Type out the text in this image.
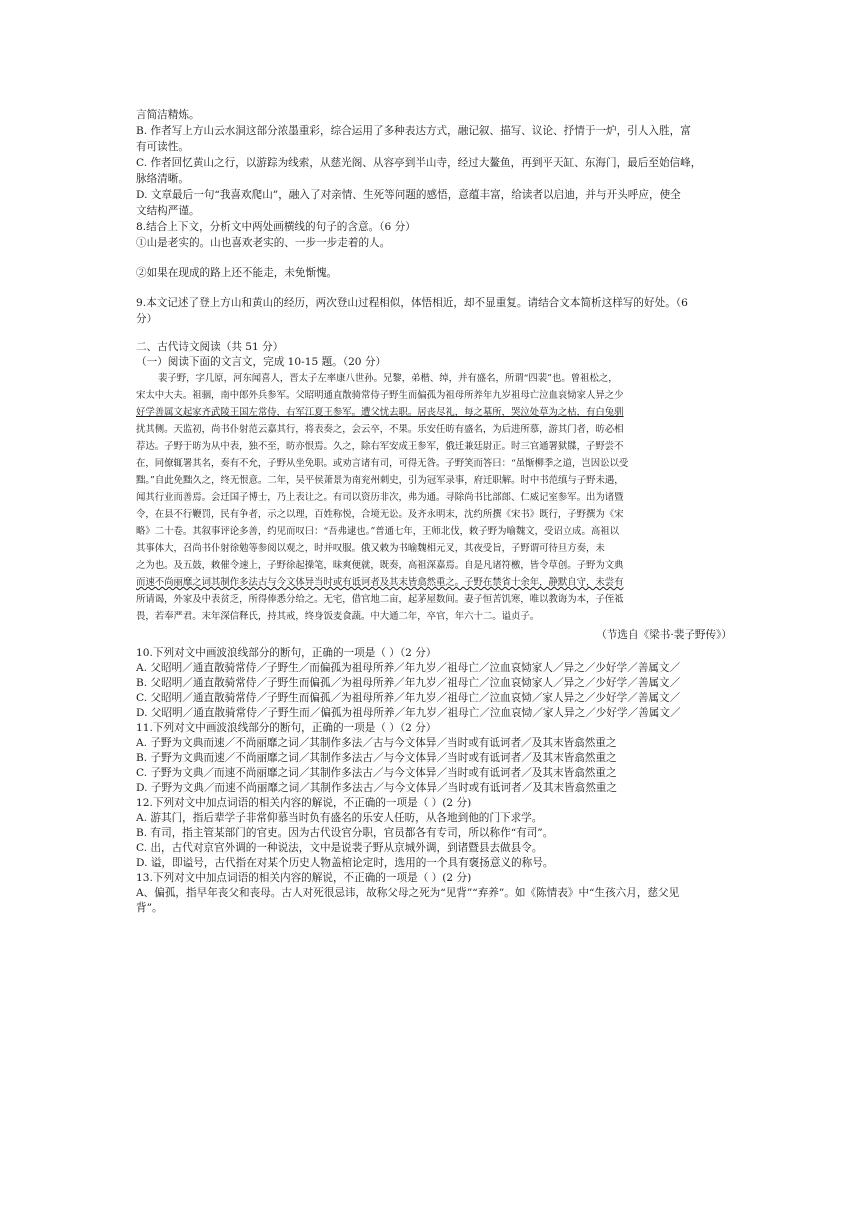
言简洁精炼。
B. 作者写上方山云水洞这部分浓墨重彩，综合运用了多种表达方式，融记叙、描写、议论、抒情于一炉，引人入胜，富
有可读性。
C. 作者回忆黄山之行，以游踪为线索，从慈光阁、从容亭到半山寺，经过大鳌鱼，再到平天缸、东海门，最后至始信峰，
脉络清晰。
D. 文章最后一句“我喜欢爬山”，融入了对亲情、生死等问题的感悟，意蕴丰富，给读者以启迪，并与开头呼应，使全
文结构严谨。
8.结合上下文，分析文中两处画横线的句子的含意。（6 分）
①山是老实的。山也喜欢老实的、一步一步走着的人。
②如果在现成的路上还不能走，未免惭愧。
9.本文记述了登上方山和黄山的经历，两次登山过程相似，体悟相近，却不显重复。请结合文本简析这样写的好处。（6
分）
二、古代诗文阅读（共 51 分）
（一）阅读下面的文言文，完成 10-15 题。（20 分）
裴子野，字几原，河东闻喜人，晋太子左率康八世孙。兄黎，弟楷、绰，并有盛名，所谓“四裴”也。曾祖松之，
宋太中大夫。祖骃，南中郎外兵参军。父昭明通直散骑常侍子野生而偏孤为祖母所养年九岁祖母亡泣血哀恸家人异之少
好学善属文起家齐武陵王国左常侍，右军江夏王参军。遭父忧去职。居丧尽礼，每之墓所，哭泣处草为之枯，有白兔驯
扰其侧。天监初，尚书仆射范云嘉其行，将表奏之，会云卒，不果。乐安任昉有盛名，为后进所慕，游其门者，昉必相
荐达。子野于昉为从中表，独不至，昉亦恨焉。久之，除右军安成王参军，俄迁兼廷尉正。时三官通署狱牒，子野尝不
在，同僚辄署其名，奏有不允，子野从坐免职。或劝言诸有司，可得无咎。子野笑而答曰：“虽惭柳季之道，岂因讼以受
黜。”自此免黜久之，终无恨意。二年，吴平侯萧景为南兖州刺史，引为冠军录事，府迁职解。时中书范缜与子野未遇，
闻其行业而善焉。会迁国子博士，乃上表让之。有司以资历非次，弗为通。寻除尚书比部郎、仁威记室参军。出为诸暨
令，在县不行鞭罚，民有争者，示之以理，百姓称悦，合境无讼。及齐永明末，沈约所撰《宋书》既行，子野撰为《宋
略》二十卷。其叙事评论多善，约见而叹曰：“吾弗逮也。”普通七年，王师北伐，敕子野为喻魏文，受诏立成。高祖以
其事体大，召尚书仆射徐勉等参阅以观之，时并叹服。俄又敕为书喻魏相元叉，其夜受旨，子野谓可待旦方奏，未
之为也。及五鼓，敕催令速上，子野徐起操笔，昧爽便就，既奏，高祖深嘉焉。自是凡诸符檄，皆令草创。子野为文典
而速不尚丽靡之词其制作多法古与今文体异当时或有诋诃者及其末皆翕然重之。子野在禁省十余年，静默自守，未尝有
所请谒，外家及中表贫乏，所得俸悉分给之。无宅，借官地二亩，起茅屋数间。妻子恒苦饥寒，唯以教诲为本，子侄祗
畏，若奉严君。末年深信释氏，持其戒，终身饭麦食蔬。中大通二年，卒官，年六十二。谥贞子。
（节选自《梁书·裴子野传》）
10.下列对文中画波浪线部分的断句，正确的一项是（ ）（2 分）
A. 父昭明／通直散骑常侍／子野生／而偏孤为祖母所养／年九岁／祖母亡／泣血哀恸家人／异之／少好学／善属文／
B. 父昭明／通直散骑常侍／子野生而偏孤／为祖母所养／年九岁／祖母亡／泣血哀恸家人／异之／少好学／善属文／
C. 父昭明／通直散骑常侍／子野生而偏孤／为祖母所养／年九岁／祖母亡／泣血哀恸／家人异之／少好学／善属文／
D. 父昭明／通直散骑常侍／子野生而／偏孤为祖母所养／年九岁／祖母亡／泣血哀恸／家人异之／少好学／善属文／
11.下列对文中画波浪线部分的断句，正确的一项是（ ）（2 分）
A. 子野为文典而速／不尚丽靡之词／其制作多法／古与今文体异／当时或有诋诃者／及其末皆翕然重之
B. 子野为文典而速／不尚丽靡之词／其制作多法古／与今文体异／当时或有诋诃者／及其末皆翕然重之
C. 子野为文典／而速不尚丽靡之词／其制作多法古／与今文体异／当时或有诋诃者／及其末皆翕然重之
D. 子野为文典／而速不尚丽靡之词／其制作多法古／与今文体异／当时或有诋诃者／及其末皆翕然重之
12.下列对文中加点词语的相关内容的解说，不正确的一项是（ ）(2 分)
A. 游其门，指后辈学子非常仰慕当时负有盛名的乐安人任昉，从各地到他的门下求学。
B. 有司，指主管某部门的官吏。因为古代设官分职，官员都各有专司，所以称作“有司”。
C. 出，古代对京官外调的一种说法，文中是说裴子野从京城外调，到诸暨县去做县令。
D. 谥，即谥号，古代指在对某个历史人物盖棺论定时，选用的一个具有褒扬意义的称号。
13.下列对文中加点词语的相关内容的解说，不正确的一项是（ ）(2 分)
A、偏孤，指早年丧父和丧母。古人对死很忌讳，故称父母之死为“见背”“弃养”。如《陈情表》中“生孩六月，慈父见
背”。
